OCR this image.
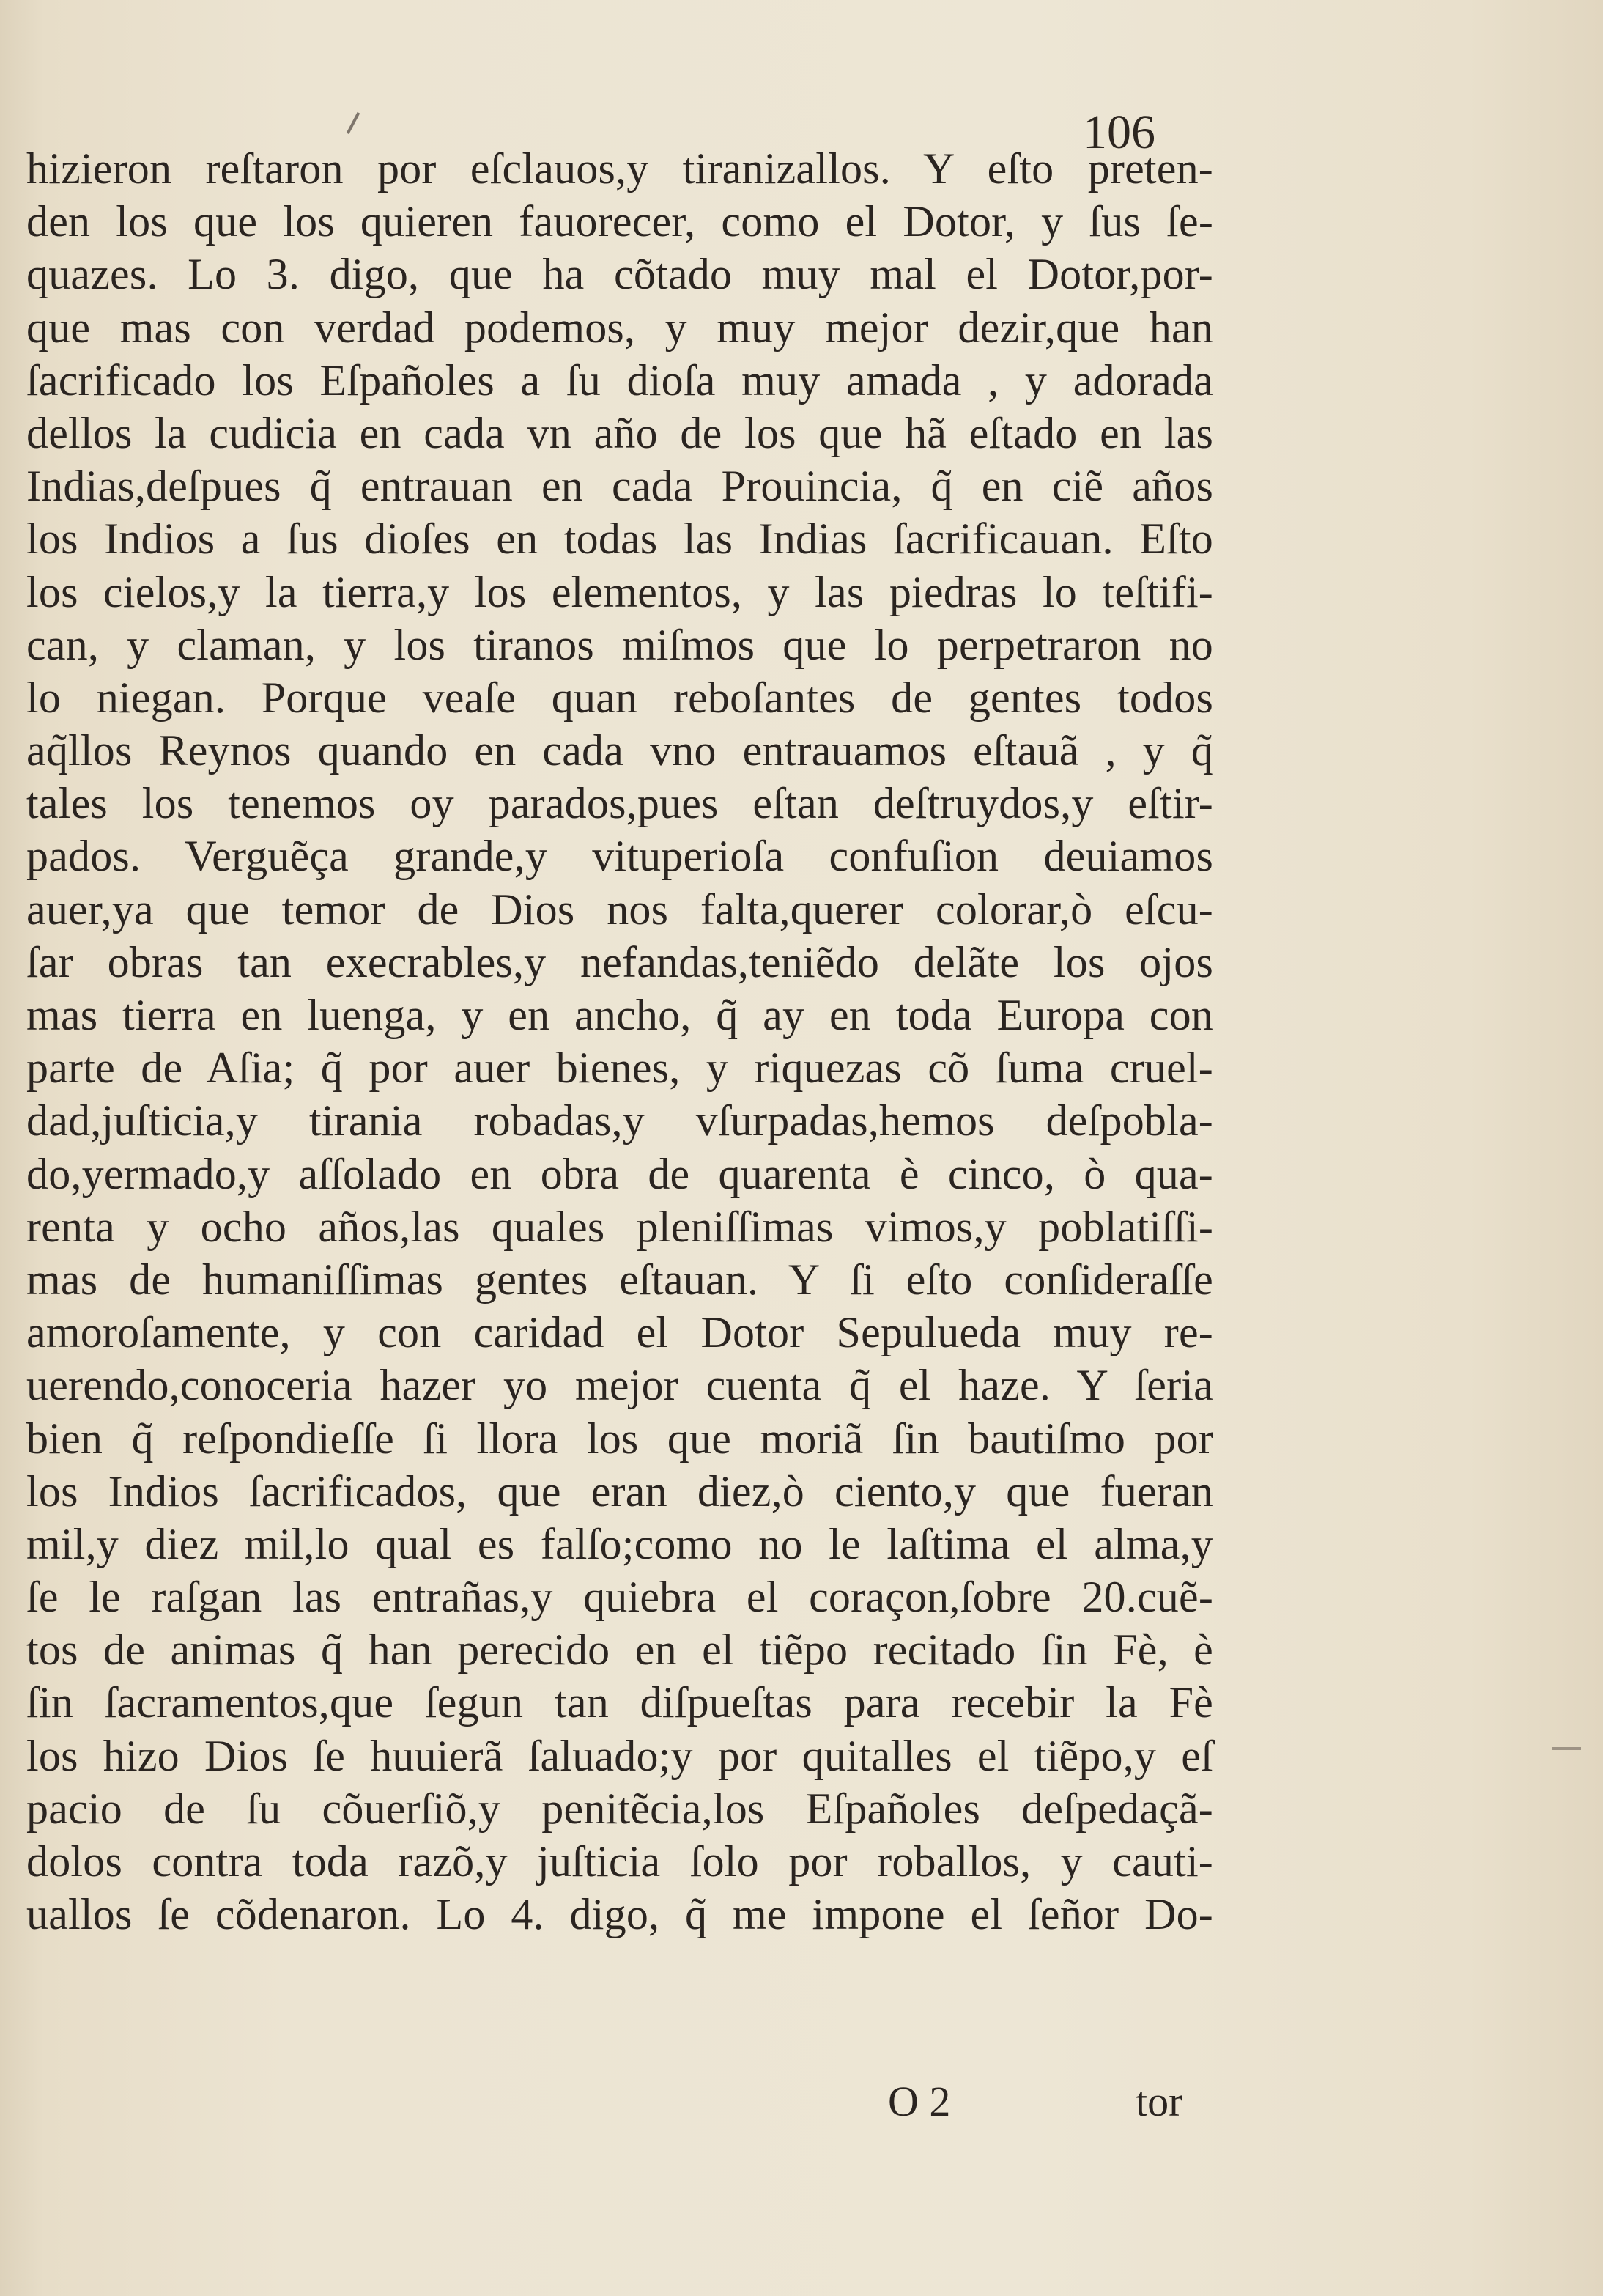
106
hizieron reſtaron por eſclauos,y tiranizallos. Y eſto preten-
den los que los quieren fauorecer, como el Dotor, y ſus ſe-
quazes. Lo 3. digo, que ha cõtado muy mal el Dotor,por-
que mas con verdad podemos, y muy mejor dezir,que han
ſacrificado los Eſpañoles a ſu dioſa muy amada , y adorada
dellos la cudicia en cada vn año de los que hã eſtado en las
Indias,deſpues q̃ entrauan en cada Prouincia, q̃ en ciẽ años
los Indios a ſus dioſes en todas las Indias ſacrificauan. Eſto
los cielos,y la tierra,y los elementos, y las piedras lo teſtifi-
can, y claman, y los tiranos miſmos que lo perpetraron no
lo niegan. Porque veaſe quan reboſantes de gentes todos
aq̃llos Reynos quando en cada vno entrauamos eſtauã , y q̃
tales los tenemos oy parados,pues eſtan deſtruydos,y eſtir-
pados. Verguẽça grande,y vituperioſa confuſion deuiamos
auer,ya que temor de Dios nos falta,querer colorar,ò eſcu-
ſar obras tan execrables,y nefandas,teniẽdo delãte los ojos
mas tierra en luenga, y en ancho, q̃ ay en toda Europa con
parte de Aſia; q̃ por auer bienes, y riquezas cõ ſuma cruel-
dad,juſticia,y tirania robadas,y vſurpadas,hemos deſpobla-
do,yermado,y aſſolado en obra de quarenta è cinco, ò qua-
renta y ocho años,las quales pleniſſimas vimos,y poblatiſſi-
mas de humaniſſimas gentes eſtauan. Y ſi eſto conſideraſſe
amoroſamente, y con caridad el Dotor Sepulueda muy re-
uerendo,conoceria hazer yo mejor cuenta q̃ el haze. Y ſeria
bien q̃ reſpondieſſe ſi llora los que moriã ſin bautiſmo por
los Indios ſacrificados, que eran diez,ò ciento,y que fueran
mil,y diez mil,lo qual es falſo;como no le laſtima el alma,y
ſe le raſgan las entrañas,y quiebra el coraçon,ſobre 20.cuẽ-
tos de animas q̃ han perecido en el tiẽpo recitado ſin Fè, è
ſin ſacramentos,que ſegun tan diſpueſtas para recebir la Fè
los hizo Dios ſe huuierã ſaluado;y por quitalles el tiẽpo,y eſ
pacio de ſu cõuerſiõ,y penitẽcia,los Eſpañoles deſpedaçã-
dolos contra toda razõ,y juſticia ſolo por roballos, y cauti-
uallos ſe cõdenaron. Lo 4. digo, q̃ me impone el ſeñor Do-
O 2	tor
